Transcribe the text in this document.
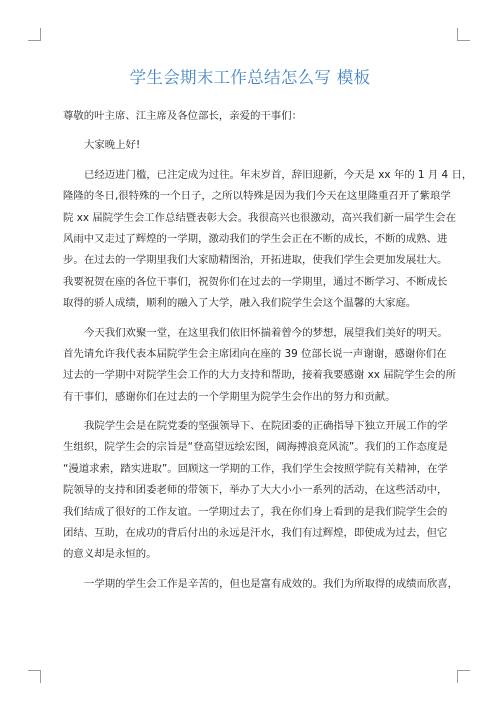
学生会期末工作总结怎么写 模板
尊敬的叶主席、江主席及各位部长，亲爱的干事们：
大家晚上好!
已经迈进门槛，已注定成为过往。年末岁首，辞旧迎新，今天是 xx 年的 1 月 4 日，
隆隆的冬日,很特殊的一个日子，之所以特殊是因为我们今天在这里隆重召开了紫琅学
院 xx 届院学生会工作总结暨表彰大会。我很高兴也很激动，高兴我们新一届学生会在
风雨中又走过了辉煌的一学期，激动我们的学生会正在不断的成长，不断的成熟、进
步。在过去的一学期里我们大家励精图治，开拓进取，使我们学生会更加发展壮大。
我要祝贺在座的各位干事们，祝贺你们在过去的一学期里，通过不断学习、不断成长
取得的骄人成绩，顺利的融入了大学，融入我们院学生会这个温馨的大家庭。
今天我们欢聚一堂，在这里我们依旧怀揣着曾今的梦想，展望我们美好的明天。
首先请允许我代表本届院学生会主席团向在座的 39 位部长说一声谢谢，感谢你们在
过去的一学期中对院学生会工作的大力支持和帮助，接着我要感谢 xx 届院学生会的所
有干事们，感谢你们在过去的一个学期里为院学生会作出的努力和贡献。
我院学生会是在院党委的坚强领导下、在院团委的正确指导下独立开展工作的学
生组织，院学生会的宗旨是“登高望远绘宏图，阔海搏浪竞风流”。我们的工作态度是
“漫道求索，踏实进取”。回顾这一学期的工作，我们学生会按照学院有关精神，在学
院领导的支持和团委老师的带领下，举办了大大小小一系列的活动，在这些活动中，
我们结成了很好的工作友谊。一学期过去了，我在你们身上看到的是我们院学生会的
团结、互助，在成功的背后付出的永远是汗水，我们有过辉煌，即使成为过去，但它
的意义却是永恒的。
一学期的学生会工作是辛苦的，但也是富有成效的。我们为所取得的成绩而欣喜，
